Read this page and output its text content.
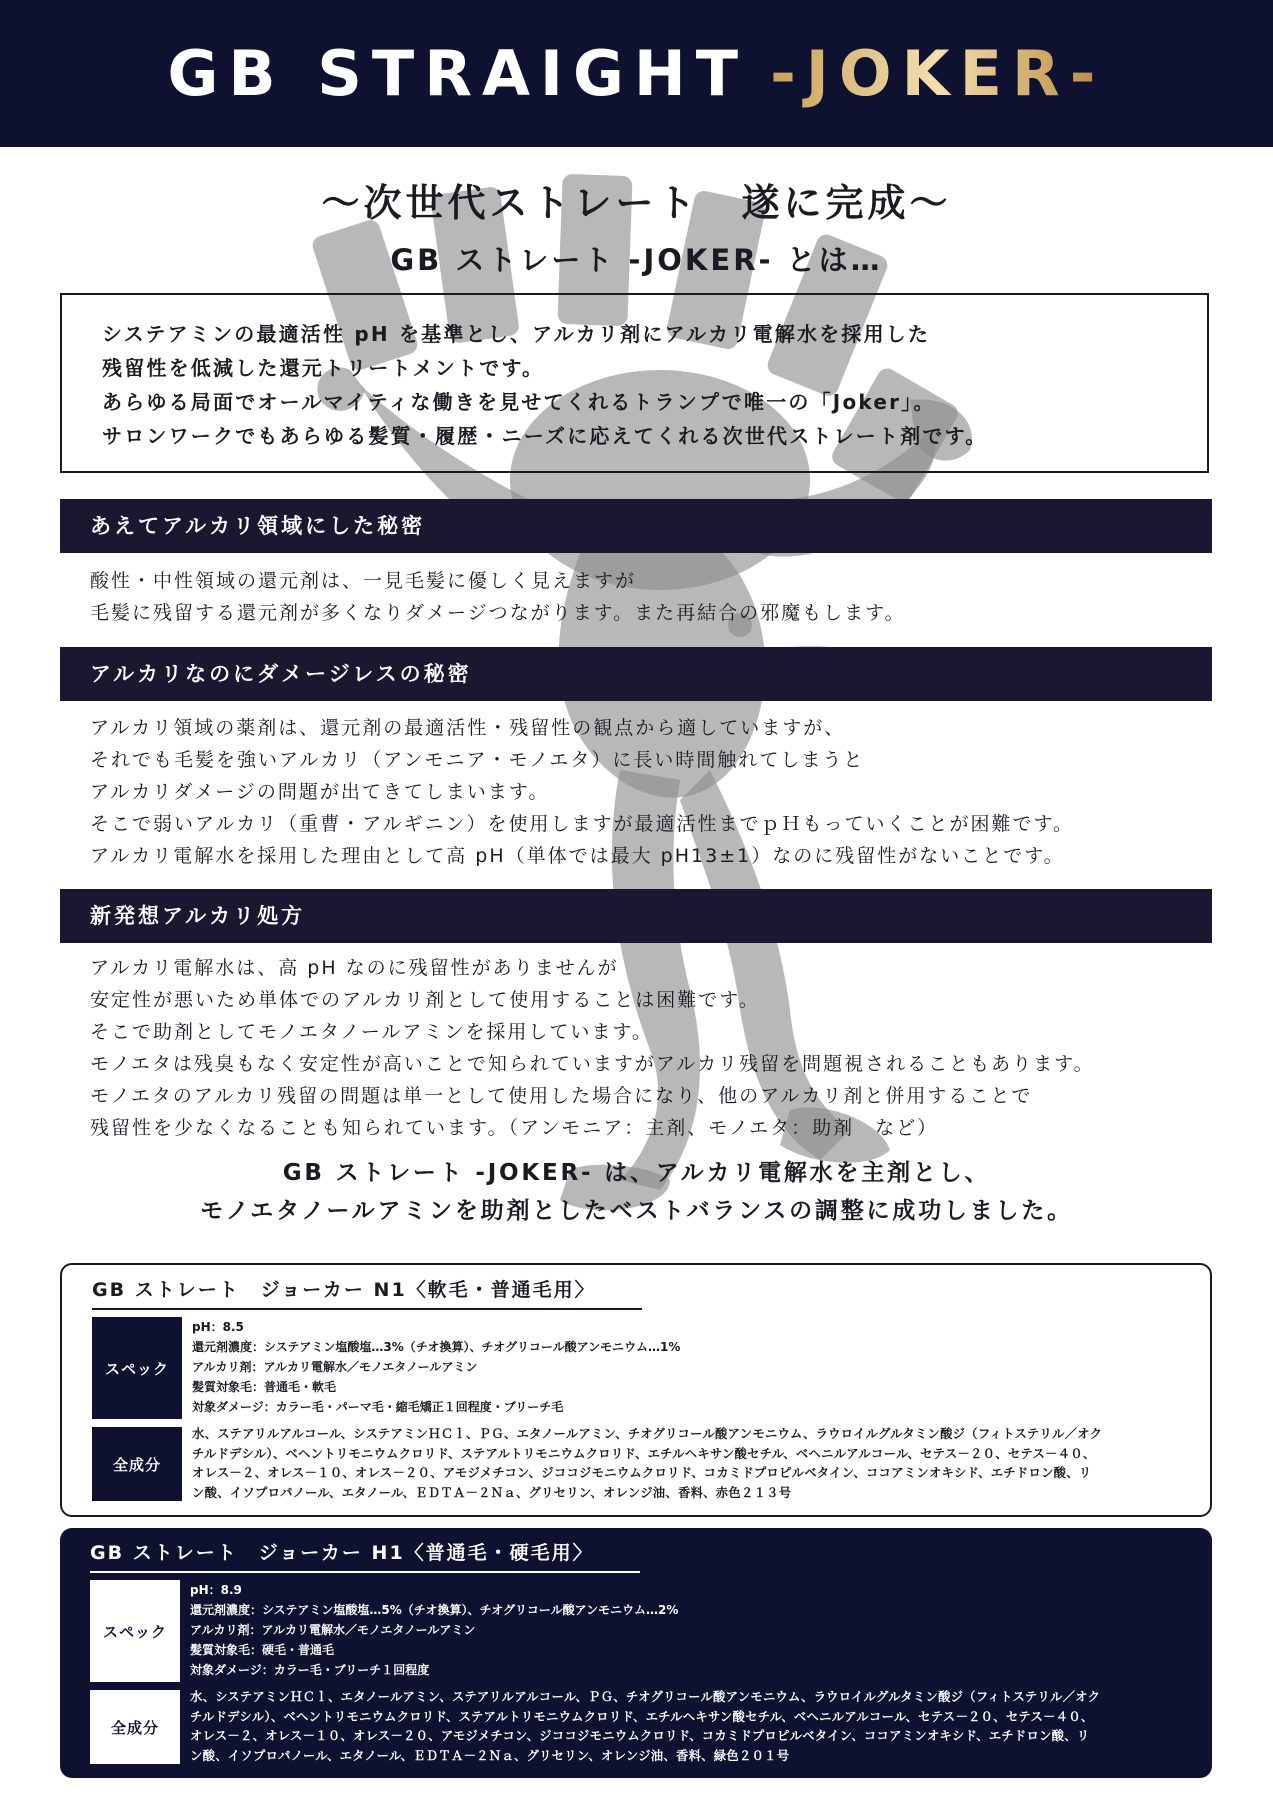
GB STRAIGHT -JOKER-
～次世代ストレート　遂に完成～
GB ストレート -JOKER- とは…
システアミンの最適活性 pH を基準とし、アルカリ剤にアルカリ電解水を採用した
残留性を低減した還元トリートメントです。
あらゆる局面でオールマイティな働きを見せてくれるトランプで唯一の「Joker」。
サロンワークでもあらゆる髪質・履歴・ニーズに応えてくれる次世代ストレート剤です。
あえてアルカリ領域にした秘密
酸性・中性領域の還元剤は、一見毛髪に優しく見えますが
毛髪に残留する還元剤が多くなりダメージつながります。また再結合の邪魔もします。
アルカリなのにダメージレスの秘密
アルカリ領域の薬剤は、還元剤の最適活性・残留性の観点から適していますが、
それでも毛髪を強いアルカリ（アンモニア・モノエタ）に長い時間触れてしまうと
アルカリダメージの問題が出てきてしまいます。
そこで弱いアルカリ（重曹・アルギニン）を使用しますが最適活性までｐＨもっていくことが困難です。
アルカリ電解水を採用した理由として高 pH（単体では最大 pH13±1）なのに残留性がないことです。
新発想アルカリ処方
アルカリ電解水は、高 pH なのに残留性がありませんが
安定性が悪いため単体でのアルカリ剤として使用することは困難です。
そこで助剤としてモノエタノールアミンを採用しています。
モノエタは残臭もなく安定性が高いことで知られていますがアルカリ残留を問題視されることもあります。
モノエタのアルカリ残留の問題は単一として使用した場合になり、他のアルカリ剤と併用することで
残留性を少なくなることも知られています。（アンモニア：主剤、モノエタ：助剤　など）
GB ストレート -JOKER- は、アルカリ電解水を主剤とし、
モノエタノールアミンを助剤としたベストバランスの調整に成功しました。
GB ストレート　ジョーカー N1〈軟毛・普通毛用〉
スペック
pH：8.5
還元剤濃度：システアミン塩酸塩…3%（チオ換算）、チオグリコール酸アンモニウム…1%
アルカリ剤：アルカリ電解水／モノエタノールアミン
髪質対象毛：普通毛・軟毛
対象ダメージ：カラー毛・パーマ毛・縮毛矯正１回程度・ブリーチ毛
全成分
水、ステアリルアルコール、システアミンＨＣｌ、ＰＧ、エタノールアミン、チオグリコール酸アンモニウム、ラウロイルグルタミン酸ジ（フィトステリル／オク
チルドデシル）、ベヘントリモニウムクロリド、ステアルトリモニウムクロリド、エチルヘキサン酸セチル、ベヘニルアルコール、セテス－２０、セテス－４０、
オレス－２、オレス－１０、オレス－２０、アモジメチコン、ジココジモニウムクロリド、コカミドプロピルベタイン、ココアミンオキシド、エチドロン酸、リ
ン酸、イソプロパノール、エタノール、ＥＤＴＡ－２Ｎａ、グリセリン、オレンジ油、香料、赤色２１３号
GB ストレート　ジョーカー H1〈普通毛・硬毛用〉
スペック
pH：8.9
還元剤濃度：システアミン塩酸塩…5%（チオ換算）、チオグリコール酸アンモニウム…2%
アルカリ剤：アルカリ電解水／モノエタノールアミン
髪質対象毛：硬毛・普通毛
対象ダメージ：カラー毛・ブリーチ１回程度
全成分
水、システアミンＨＣｌ、エタノールアミン、ステアリルアルコール、ＰＧ、チオグリコール酸アンモニウム、ラウロイルグルタミン酸ジ（フィトステリル／オク
チルドデシル）、ベヘントリモニウムクロリド、ステアルトリモニウムクロリド、エチルヘキサン酸セチル、ベヘニルアルコール、セテス－２０、セテス－４０、
オレス－２、オレス－１０、オレス－２０、アモジメチコン、ジココジモニウムクロリド、コカミドプロピルベタイン、ココアミンオキシド、エチドロン酸、リ
ン酸、イソプロパノール、エタノール、ＥＤＴＡ－２Ｎａ、グリセリン、オレンジ油、香料、緑色２０１号
